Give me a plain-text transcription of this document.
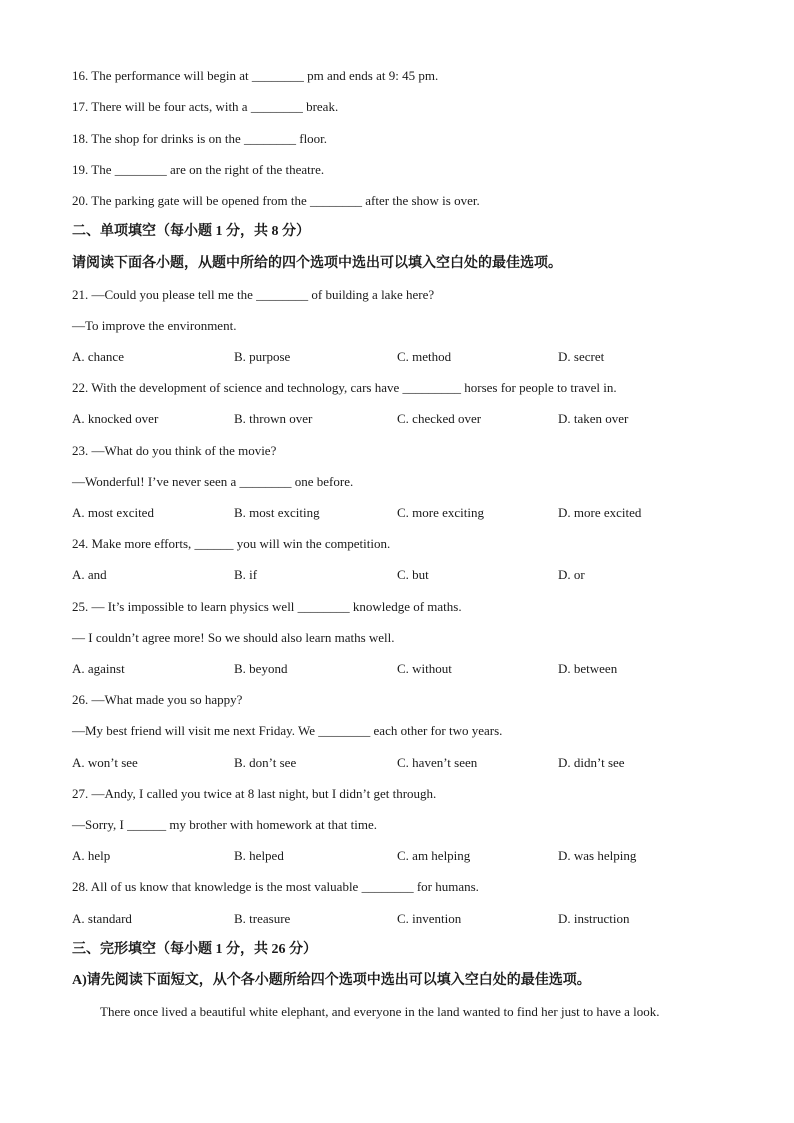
16. The performance will begin at ________ pm and ends at 9: 45 pm.
17. There will be four acts, with a ________ break.
18. The shop for drinks is on the ________ floor.
19. The ________ are on the right of the theatre.
20. The parking gate will be opened from the ________ after the show is over.
二、单项填空（每小题 1 分，共 8 分）
请阅读下面各小题，从题中所给的四个选项中选出可以填入空白处的最佳选项。
21. —Could you please tell me the ________ of building a lake here?
—To improve the environment.
A. chance	B. purpose	C. method	D. secret
22. With the development of science and technology, cars have _________ horses for people to travel in.
A. knocked over	B. thrown over	C. checked over	D. taken over
23. —What do you think of the movie?
—Wonderful! I’ve never seen a ________ one before.
A. most excited	B. most exciting	C. more exciting	D. more excited
24. Make more efforts, ______ you will win the competition.
A. and	B. if	C. but	D. or
25. — It’s impossible to learn physics well ________ knowledge of maths.
— I couldn’t agree more! So we should also learn maths well.
A. against	B. beyond	C. without	D. between
26. —What made you so happy?
—My best friend will visit me next Friday. We ________ each other for two years.
A. won’t see	B. don’t see	C. haven’t seen	D. didn’t see
27. —Andy, I called you twice at 8 last night, but I didn’t get through.
—Sorry, I ______ my brother with homework at that time.
A. help	B. helped	C. am helping	D. was helping
28. All of us know that knowledge is the most valuable ________ for humans.
A. standard	B. treasure	C. invention	D. instruction
三、完形填空（每小题 1 分，共 26 分）
A)请先阅读下面短文，从个各小题所给四个选项中选出可以填入空白处的最佳选项。
There once lived a beautiful white elephant, and everyone in the land wanted to find her just to have a look.
